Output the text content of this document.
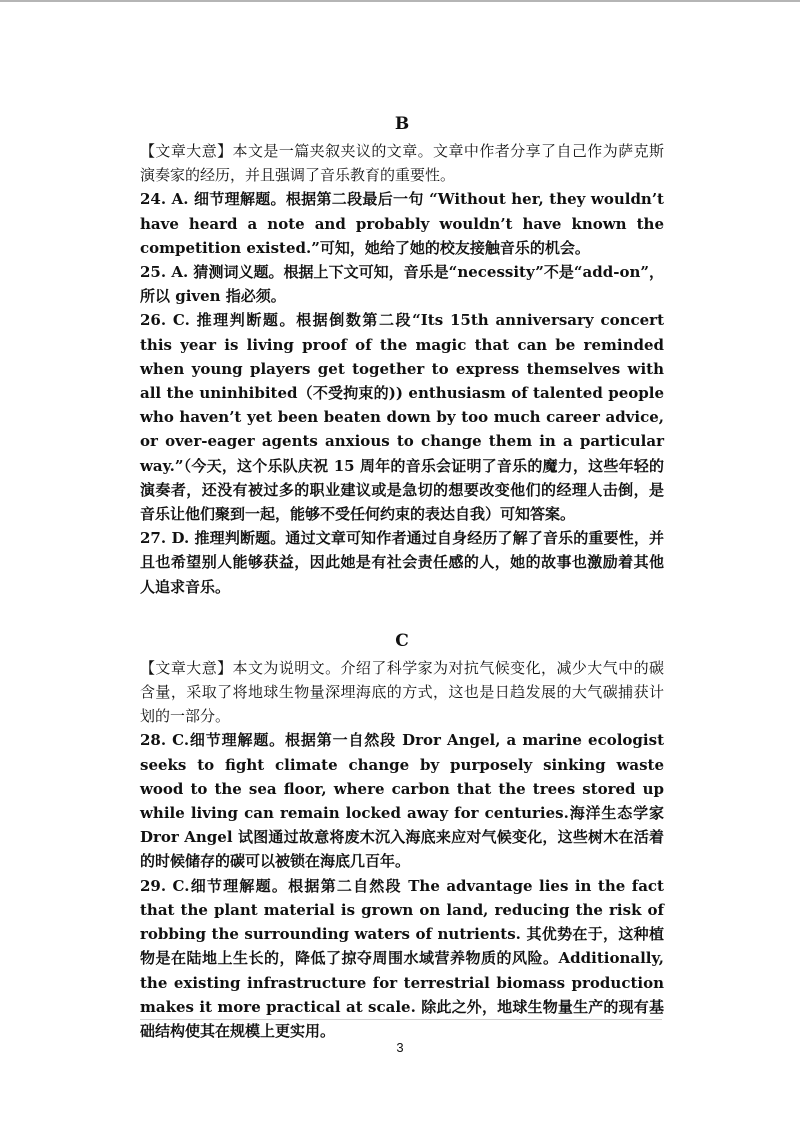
B

【文章大意】本文是一篇夹叙夹议的文章。文章中作者分享了自己作为萨克斯演奏家的经历，并且强调了音乐教育的重要性。

24. A. 细节理解题。根据第二段最后一句 “Without her, they wouldn’t have heard a note and probably wouldn’t have known the competition existed.”可知，她给了她的校友接触音乐的机会。

25. A. 猜测词义题。根据上下文可知，音乐是“necessity”不是“add-on”，所以 given 指必须。

26. C. 推理判断题。根据倒数第二段“Its 15th anniversary concert this year is living proof of the magic that can be reminded when young players get together to express themselves with all the uninhibited（不受拘束的)) enthusiasm of talented people who haven’t yet been beaten down by too much career advice, or over-eager agents anxious to change them in a particular way.”（今天，这个乐队庆祝 15 周年的音乐会证明了音乐的魔力，这些年轻的演奏者，还没有被过多的职业建议或是急切的想要改变他们的经理人击倒，是音乐让他们聚到一起，能够不受任何约束的表达自我）可知答案。

27. D. 推理判断题。通过文章可知作者通过自身经历了解了音乐的重要性，并且也希望别人能够获益，因此她是有社会责任感的人，她的故事也激励着其他人追求音乐。

C

【文章大意】本文为说明文。介绍了科学家为对抗气候变化，减少大气中的碳含量，采取了将地球生物量深埋海底的方式，这也是日趋发展的大气碳捕获计划的一部分。

28. C.细节理解题。根据第一自然段 Dror Angel, a marine ecologist seeks to fight climate change by purposely sinking waste wood to the sea floor, where carbon that the trees stored up while living can remain locked away for centuries.海洋生态学家 Dror Angel 试图通过故意将废木沉入海底来应对气候变化，这些树木在活着的时候储存的碳可以被锁在海底几百年。

29. C.细节理解题。根据第二自然段 The advantage lies in the fact that the plant material is grown on land, reducing the risk of robbing the surrounding waters of nutrients. 其优势在于，这种植物是在陆地上生长的，降低了掠夺周围水域营养物质的风险。Additionally, the existing infrastructure for terrestrial biomass production makes it more practical at scale. 除此之外，地球生物量生产的现有基础结构使其在规模上更实用。

3
